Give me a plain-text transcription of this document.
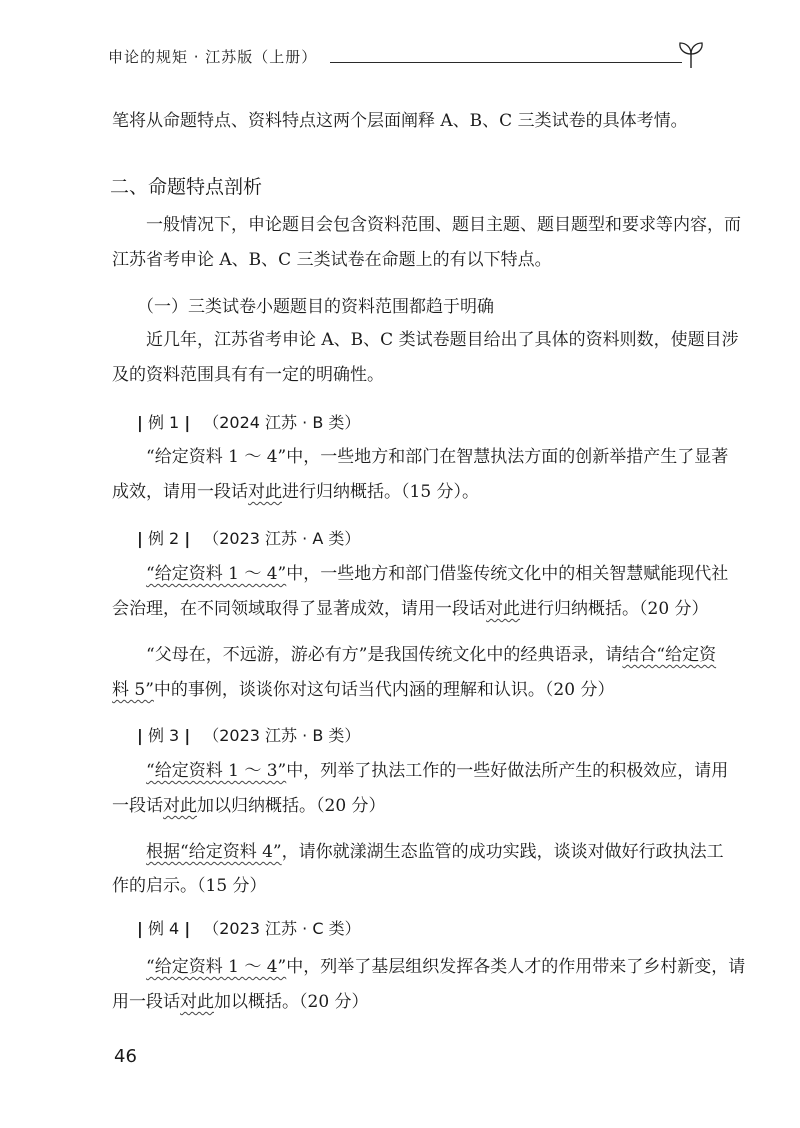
申论的规矩 · 江苏版（上册）
笔将从命题特点、资料特点这两个层面阐释 A、B、C 三类试卷的具体考情。
二、命题特点剖析
一般情况下，申论题目会包含资料范围、题目主题、题目题型和要求等内容，而
江苏省考申论 A、B、C 三类试卷在命题上的有以下特点。
（一）三类试卷小题题目的资料范围都趋于明确
近几年，江苏省考申论 A、B、C 类试卷题目给出了具体的资料则数，使题目涉
及的资料范围具有有一定的明确性。
| 例 1 | （2024 江苏 · B 类）
“给定资料 1 ～ 4”中，一些地方和部门在智慧执法方面的创新举措产生了显著
成效，请用一段话对此进行归纳概括。（15 分）。
| 例 2 | （2023 江苏 · A 类）
“给定资料 1 ～ 4”中，一些地方和部门借鉴传统文化中的相关智慧赋能现代社
会治理，在不同领域取得了显著成效，请用一段话对此进行归纳概括。（20 分）
“父母在，不远游，游必有方”是我国传统文化中的经典语录，请结合“给定资
料 5”中的事例，谈谈你对这句话当代内涵的理解和认识。（20 分）
| 例 3 | （2023 江苏 · B 类）
“给定资料 1 ～ 3”中，列举了执法工作的一些好做法所产生的积极效应，请用
一段话对此加以归纳概括。（20 分）
根据“给定资料 4”，请你就漾湖生态监管的成功实践，谈谈对做好行政执法工
作的启示。（15 分）
| 例 4 | （2023 江苏 · C 类）
“给定资料 1 ～ 4”中，列举了基层组织发挥各类人才的作用带来了乡村新变，请
用一段话对此加以概括。（20 分）
46
